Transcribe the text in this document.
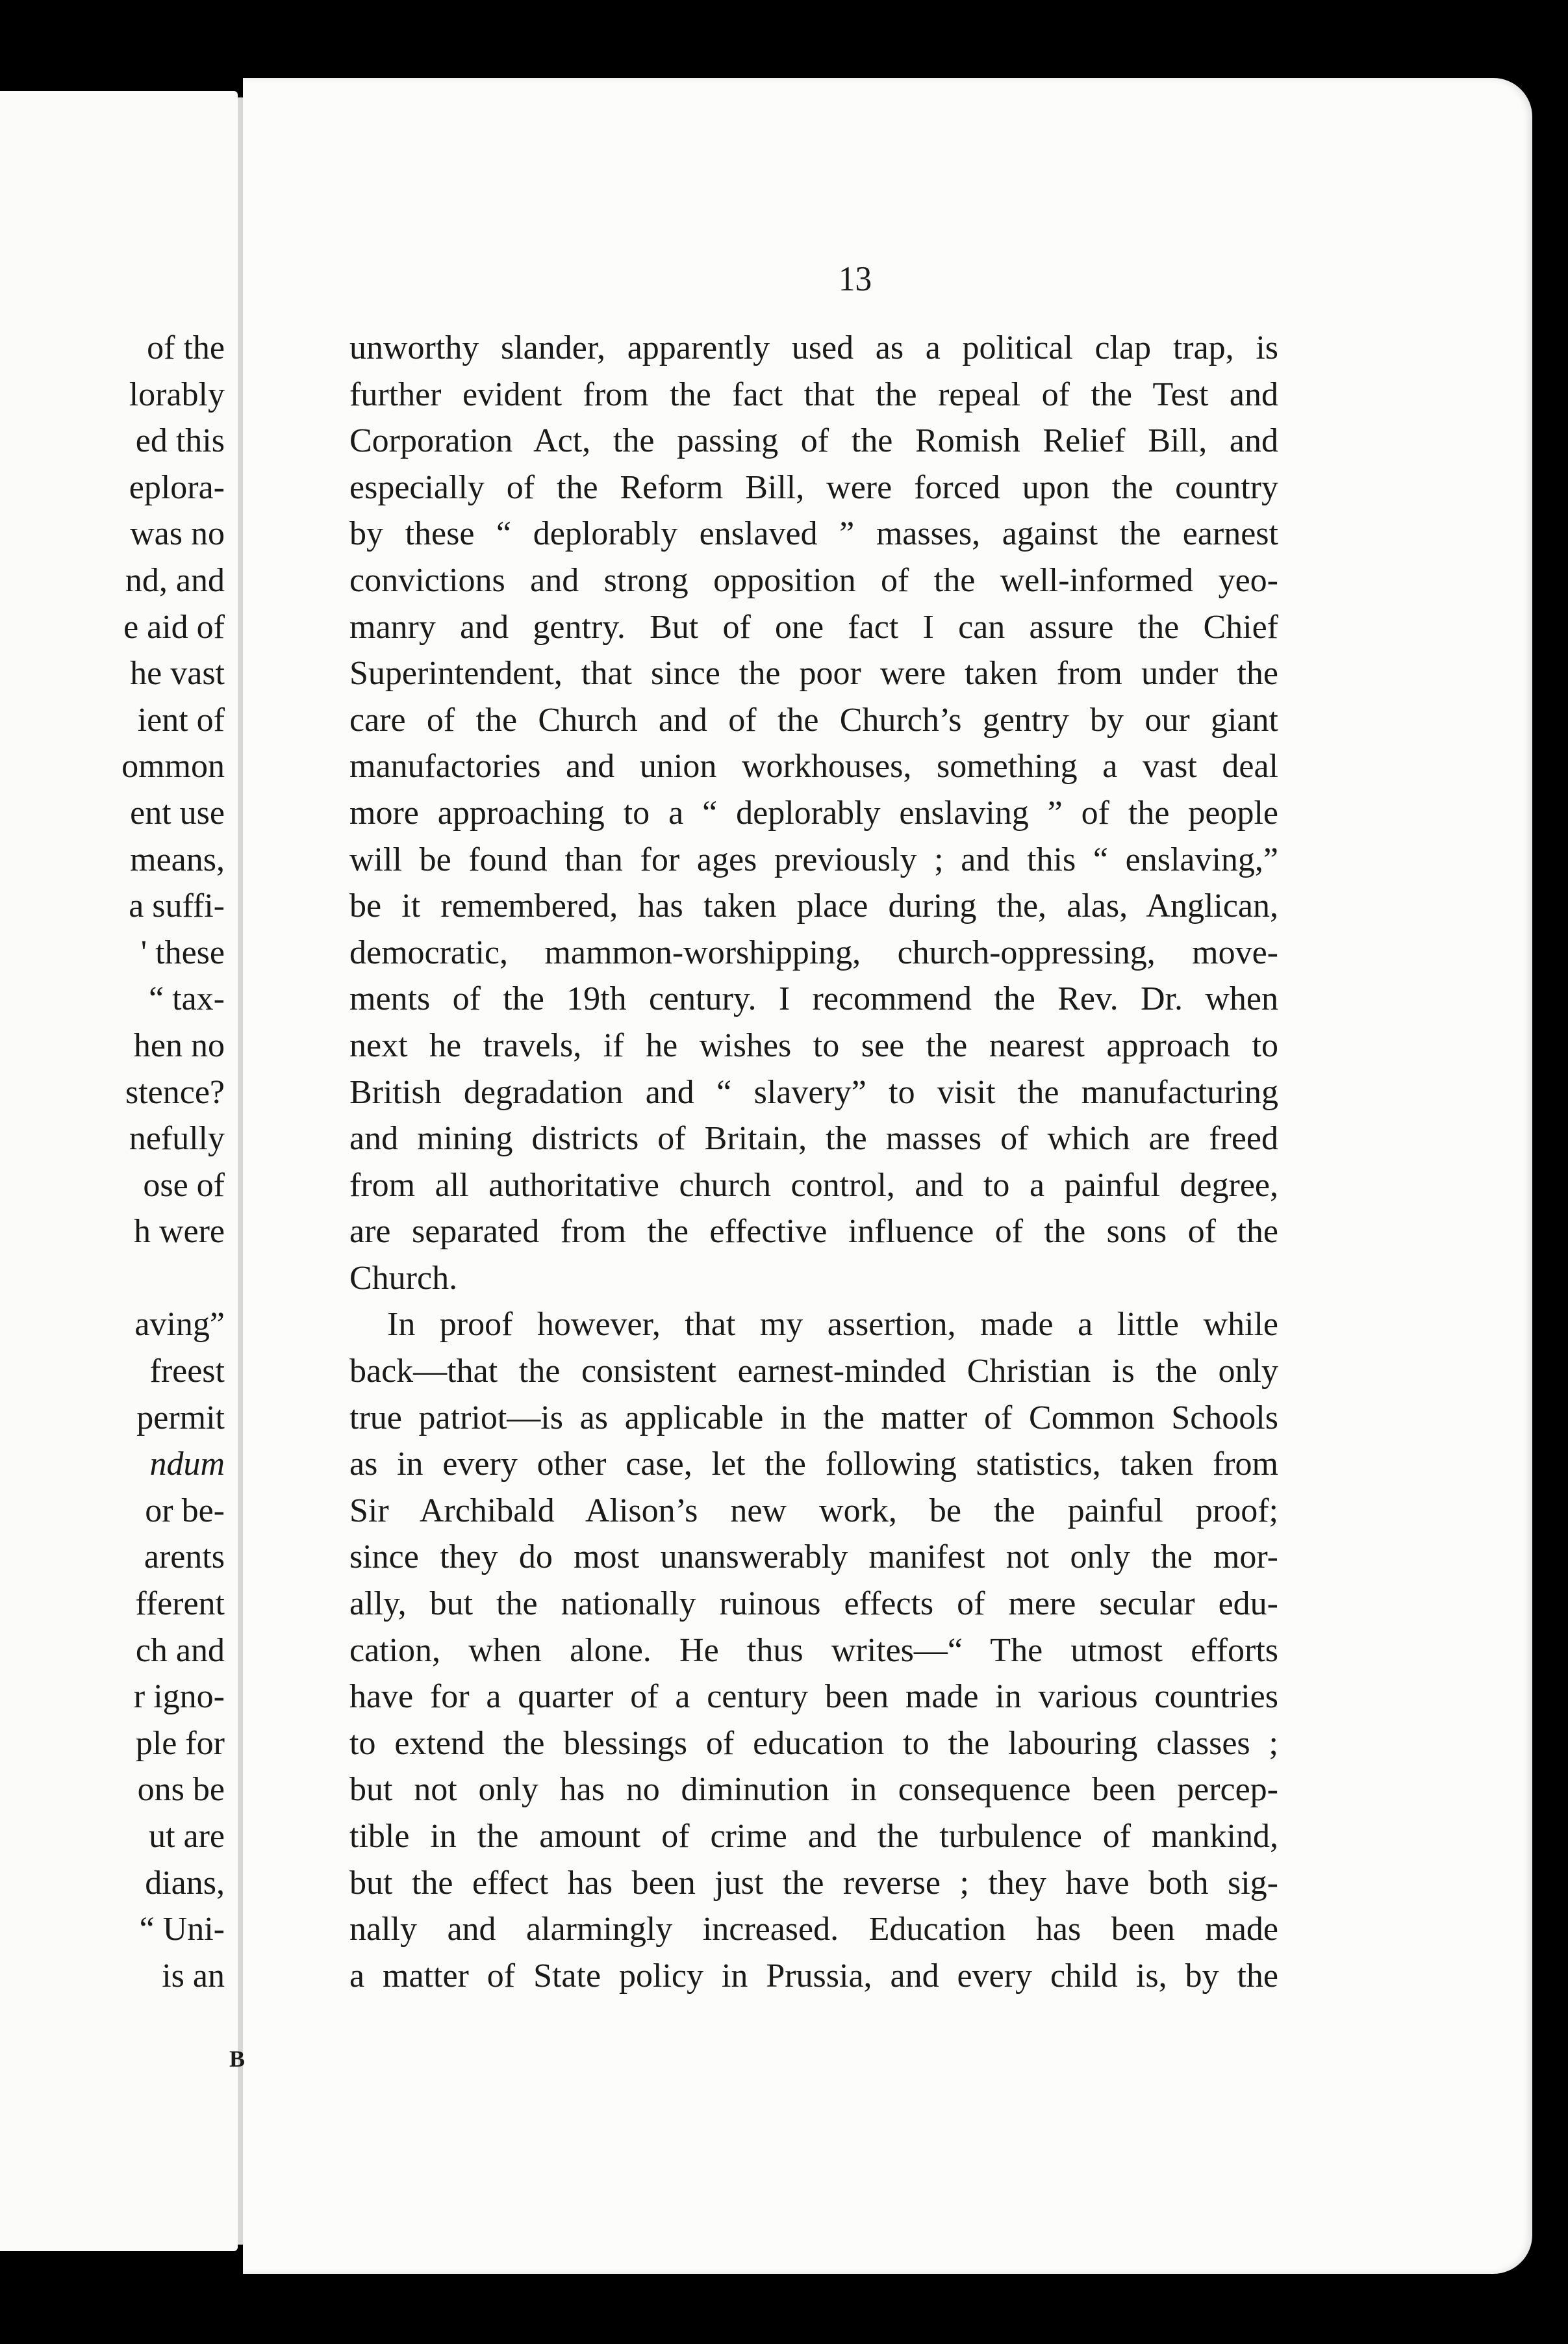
of the
lorably
ed this
eplora-
was no
nd, and
e aid of
he vast
ient of
ommon
ent use
means,
a suffi-
' these
“ tax-
hen no
stence?
nefully
ose of
h were
aving”
freest
permit
ndum
or be-
arents
fferent
ch and
r igno-
ple for
ons be
ut are
dians,
“ Uni-
is an
13
unworthy slander, apparently used as a political clap trap, is
further evident from the fact that the repeal of the Test and
Corporation Act, the passing of the Romish Relief Bill, and
especially of the Reform Bill, were forced upon the country
by these “ deplorably enslaved ” masses, against the earnest
convictions and strong opposition of the well-informed yeo-
manry and gentry. But of one fact I can assure the Chief
Superintendent, that since the poor were taken from under the
care of the Church and of the Church’s gentry by our giant
manufactories and union workhouses, something a vast deal
more approaching to a “ deplorably enslaving ” of the people
will be found than for ages previously ; and this “ enslaving,”
be it remembered, has taken place during the, alas, Anglican,
democratic, mammon-worshipping, church-oppressing, move-
ments of the 19th century. I recommend the Rev. Dr. when
next he travels, if he wishes to see the nearest approach to
British degradation and “ slavery” to visit the manufacturing
and mining districts of Britain, the masses of which are freed
from all authoritative church control, and to a painful degree,
are separated from the effective influence of the sons of the
Church.
In proof however, that my assertion, made a little while
back—that the consistent earnest-minded Christian is the only
true patriot—is as applicable in the matter of Common Schools
as in every other case, let the following statistics, taken from
Sir Archibald Alison’s new work, be the painful proof;
since they do most unanswerably manifest not only the mor-
ally, but the nationally ruinous effects of mere secular edu-
cation, when alone. He thus writes—“ The utmost efforts
have for a quarter of a century been made in various countries
to extend the blessings of education to the labouring classes ;
but not only has no diminution in consequence been percep-
tible in the amount of crime and the turbulence of mankind,
but the effect has been just the reverse ; they have both sig-
nally and alarmingly increased. Education has been made
a matter of State policy in Prussia, and every child is, by the
B
